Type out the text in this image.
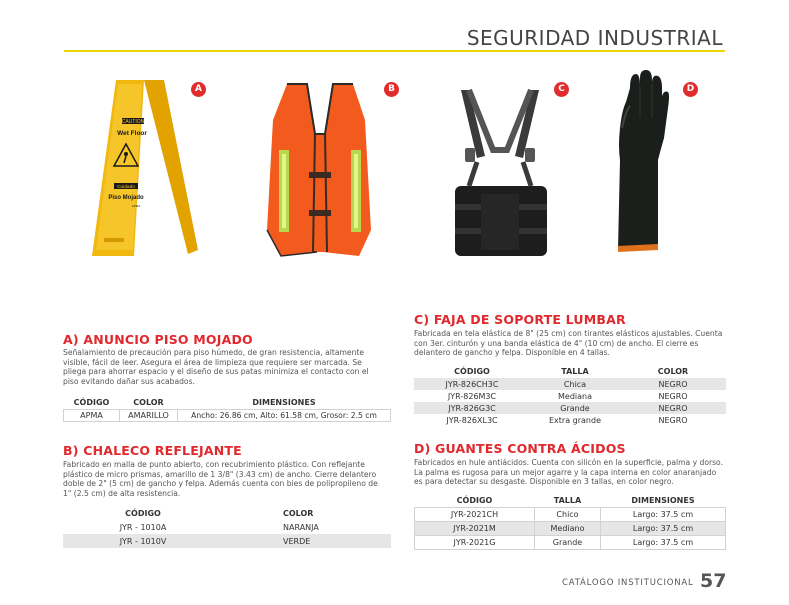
SEGURIDAD INDUSTRIAL
CAUTION
Wet Floor
Cuidado
Piso Mojado
APMA
A	B	C	D
A) ANUNCIO PISO MOJADO
Señalamiento de precaución para piso húmedo, de gran resistencia, altamente visible, fácil de leer. Asegura el área de limpieza que requiere ser marcada. Se pliega para ahorrar espacio y el diseño de sus patas minimiza el contacto con el piso evitando dañar sus acabados.
CÓDIGO	COLOR	DIMENSIONES
APMA	AMARILLO	Ancho: 26.86 cm, Alto: 61.58 cm, Grosor: 2.5 cm
B) CHALECO REFLEJANTE
Fabricado en malla de punto abierto, con recubrimiento plástico. Con reflejante plástico de micro prismas, amarillo de 1 3/8" (3.43 cm) de ancho. Cierre delantero doble de 2" (5 cm) de gancho y felpa. Además cuenta con bies de polipropileno de 1" (2.5 cm) de alta resistencia.
CÓDIGO	COLOR
JYR - 1010A	NARANJA
JYR - 1010V	VERDE
C) FAJA DE SOPORTE LUMBAR
Fabricada en tela elástica de 8" (25 cm) con tirantes elásticos ajustables. Cuenta con 3er. cinturón y una banda elástica de 4" (10 cm) de ancho. El cierre es delantero de gancho y felpa. Disponible en 4 tallas.
CÓDIGO	TALLA	COLOR
JYR-826CH3C	Chica	NEGRO
JYR-826M3C	Mediana	NEGRO
JYR-826G3C	Grande	NEGRO
JYR-826XL3C	Extra grande	NEGRO
D) GUANTES CONTRA ÁCIDOS
Fabricados en hule antiácidos. Cuenta con silicón en la superficie, palma y dorso. La palma es rugosa para un mejor agarre y la capa interna en color anaranjado es para detectar su desgaste. Disponible en 3 tallas, en color negro.
CÓDIGO	TALLA	DIMENSIONES
JYR-2021CH	Chico	Largo: 37.5 cm
JYR-2021M	Mediano	Largo: 37.5 cm
JYR-2021G	Grande	Largo: 37.5 cm
CATÁLOGO INSTITUCIONAL 57
